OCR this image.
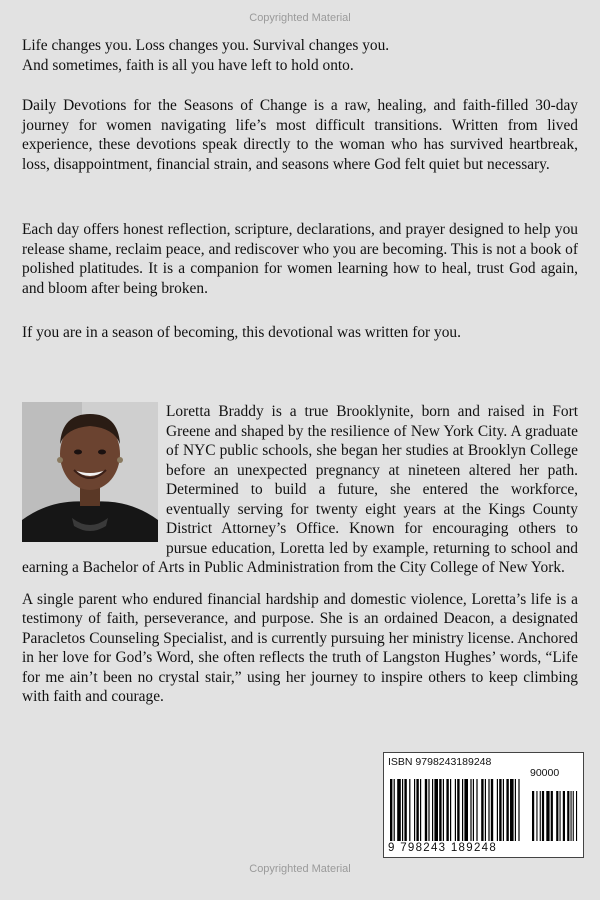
Copyrighted Material

Life changes you. Loss changes you. Survival changes you.
And sometimes, faith is all you have left to hold onto.

Daily Devotions for the Seasons of Change is a raw, healing, and faith-filled 30-day journey for women navigating life’s most difficult transitions. Written from lived experience, these devotions speak directly to the woman who has survived heartbreak, loss, disappointment, financial strain, and seasons where God felt quiet but necessary.

Each day offers honest reflection, scripture, declarations, and prayer designed to help you release shame, reclaim peace, and rediscover who you are becoming. This is not a book of polished platitudes. It is a companion for women learning how to heal, trust God again, and bloom after being broken.

If you are in a season of becoming, this devotional was written for you.

Loretta Braddy is a true Brooklynite, born and raised in Fort Greene and shaped by the resilience of New York City. A graduate of NYC public schools, she began her studies at Brooklyn College before an unexpected pregnancy at nineteen altered her path. Determined to build a future, she entered the workforce, eventually serving for twenty eight years at the Kings County District Attorney’s Office. Known for encouraging others to pursue education, Loretta led by example, returning to school and earning a Bachelor of Arts in Public Administration from the City College of New York.

A single parent who endured financial hardship and domestic violence, Loretta’s life is a testimony of faith, perseverance, and purpose. She is an ordained Deacon, a designated Paracletos Counseling Specialist, and is currently pursuing her ministry license. Anchored in her love for God’s Word, she often reflects the truth of Langston Hughes’ words, “Life for me ain’t been no crystal stair,” using her journey to inspire others to keep climbing with faith and courage.

ISBN 9798243189248
90000
9 798243 189248
Copyrighted Material
